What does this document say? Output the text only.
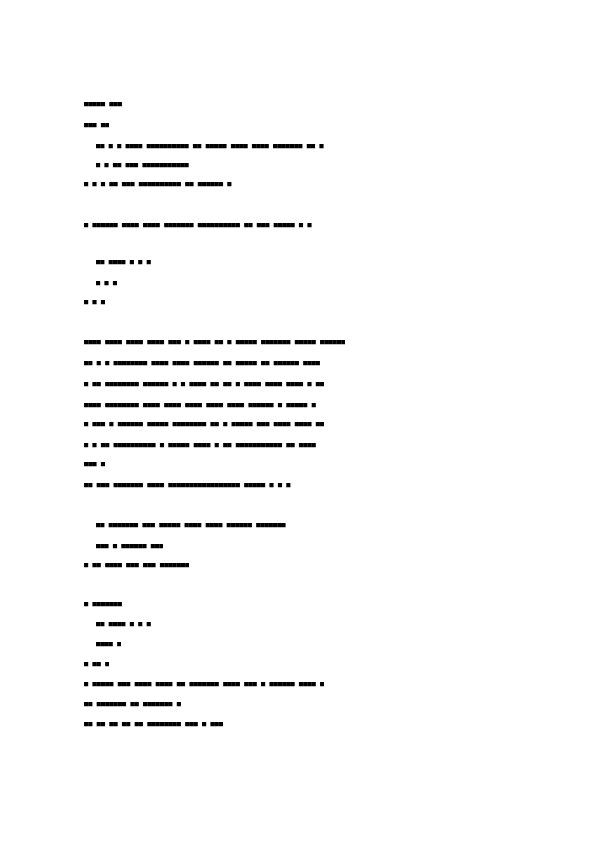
■■■■■ ■■■
■■■ ■■
■■ ■ ■ ■■■■ ■■■■■■■■■■ ■■ ■■■■■ ■■■■ ■■■■ ■■■■■■■ ■■ ■
■ ■ ■■ ■■■ ■■■■■■■■■■■
■ ■ ■ ■■ ■■■ ■■■■■■■■■■ ■■ ■■■■■■ ■
■ ■■■■■■ ■■■■ ■■■■ ■■■■■■■ ■■■■■■■■■■ ■■ ■■■ ■■■■■ ■ ■
■■ ■■■■ ■ ■ ■
■ ■ ■
■ ■ ■
■■■■ ■■■■ ■■■■ ■■■■ ■■■ ■ ■■■■ ■■ ■ ■■■■■ ■■■■■■■ ■■■■■ ■■■■■■
■■ ■ ■ ■■■■■■■■ ■■■■ ■■■■ ■■■■■■ ■■ ■■■■■ ■■ ■■■■■■ ■■■■
■ ■■ ■■■■■■■■ ■■■■■■ ■ ■ ■■■■ ■■ ■■ ■ ■■■■ ■■■■ ■■■■ ■ ■■
■■■■ ■■■■■■■■ ■■■■ ■■■■ ■■■■ ■■■■ ■■■■ ■■■■■■ ■ ■■■■■ ■
■ ■■■ ■ ■■■■■■ ■■■■■ ■■■■■■■■ ■■ ■ ■■■■■ ■■■ ■■■■ ■■■■ ■■
■ ■ ■■ ■■■■■■■■■■ ■ ■■■■■ ■■■■ ■ ■■ ■■■■■■■■■■■ ■■ ■■■■
■■■ ■
■■ ■■■ ■■■■■■■ ■■■■ ■■■■■■■■■■■■■■■■■ ■■■■■ ■ ■ ■
■■ ■■■■■■■ ■■■ ■■■■■ ■■■■ ■■■■ ■■■■■■ ■■■■■■■
■■■ ■ ■■■■■■ ■■■
■ ■■ ■■■■ ■■■ ■■■ ■■■■■■■
■ ■■■■■■■
■■ ■■■■ ■ ■ ■
■■■■ ■
■ ■■ ■
■ ■■■■■ ■■■ ■■■■ ■■■■ ■■ ■■■■■■■ ■■■■ ■■■ ■ ■■■■■■ ■■■■ ■
■■ ■■■■■■■ ■■ ■■■■■■■ ■
■■ ■■ ■■ ■■ ■■ ■■■■■■■■ ■■■ ■ ■■■
